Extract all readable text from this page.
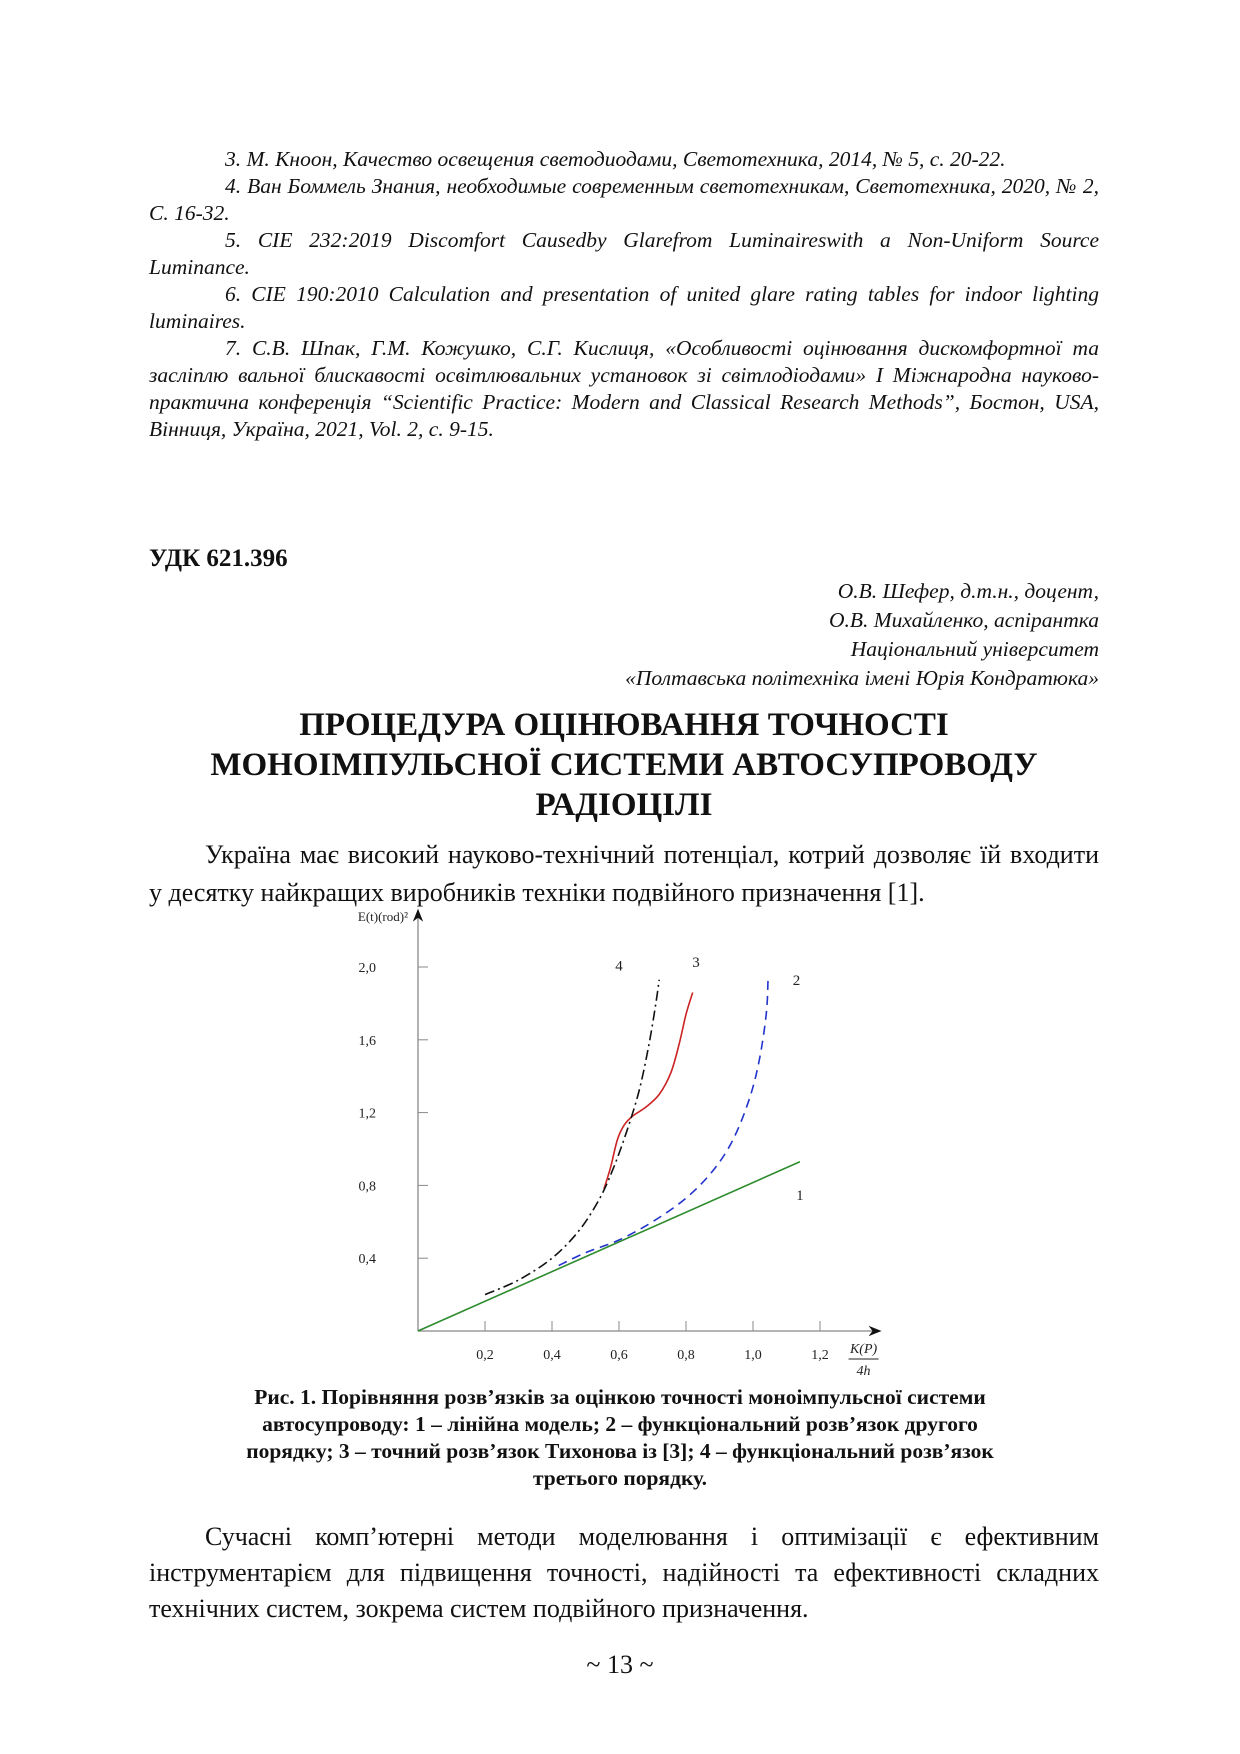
3. М. Кноон, Качество освещения светодиодами, Светотехника, 2014, № 5, с. 20-22.

4. Ван Боммель Знания, необходимые современным светотехникам, Светотехника, 2020, № 2, С. 16-32.

5. CIE 232:2019 Discomfort Causedby Glarefrom Luminaireswith a Non-Uniform Source Luminance.

6. CIE 190:2010 Calculation and presentation of united glare rating tables for indoor lighting luminaires.

7. С.В. Шпак, Г.М. Кожушко, С.Г. Кислиця, «Особливості оцінювання дискомфортної та засліплю вальної блискавості освітлювальних установок зі світлодіодами» I Міжнародна науково-практична конференція “Scientific Practice: Modern and Classical Research Methods”, Бостон, USA, Вінниця, Україна, 2021, Vol. 2, с. 9-15.

УДК 621.396
О.В. Шефер, д.т.н., доцент,
О.В. Михайленко, аспірантка
Національний університет
«Полтавська політехніка імені Юрія Кондратюка»
ПРОЦЕДУРА ОЦІНЮВАННЯ ТОЧНОСТІ
МОНОІМПУЛЬСНОЇ СИСТЕМИ АВТОСУПРОВОДУ
РАДІОЦІЛІ

Україна має високий науково-технічний потенціал, котрий дозволяє їй входити у десятку найкращих виробників техніки подвійного призначення [1].

0,2	0,4	0,6	0,8	1,0	1,2
0,4
0,8
1,2
1,6
2,0
E(t)(rod)²
K(P)
4h
1
2
3
4
Рис. 1. Порівняння розв’язків за оцінкою точності моноімпульсної системи
автосупроводу: 1 – лінійна модель; 2 – функціональний розв’язок другого
порядку; 3 – точний розв’язок Тихонова із [3]; 4 – функціональний розв’язок
третього порядку.

Сучасні комп’ютерні методи моделювання і оптимізації є ефективним інструментарієм для підвищення точності, надійності та ефективності складних технічних систем, зокрема систем подвійного призначення.

~ 13 ~
